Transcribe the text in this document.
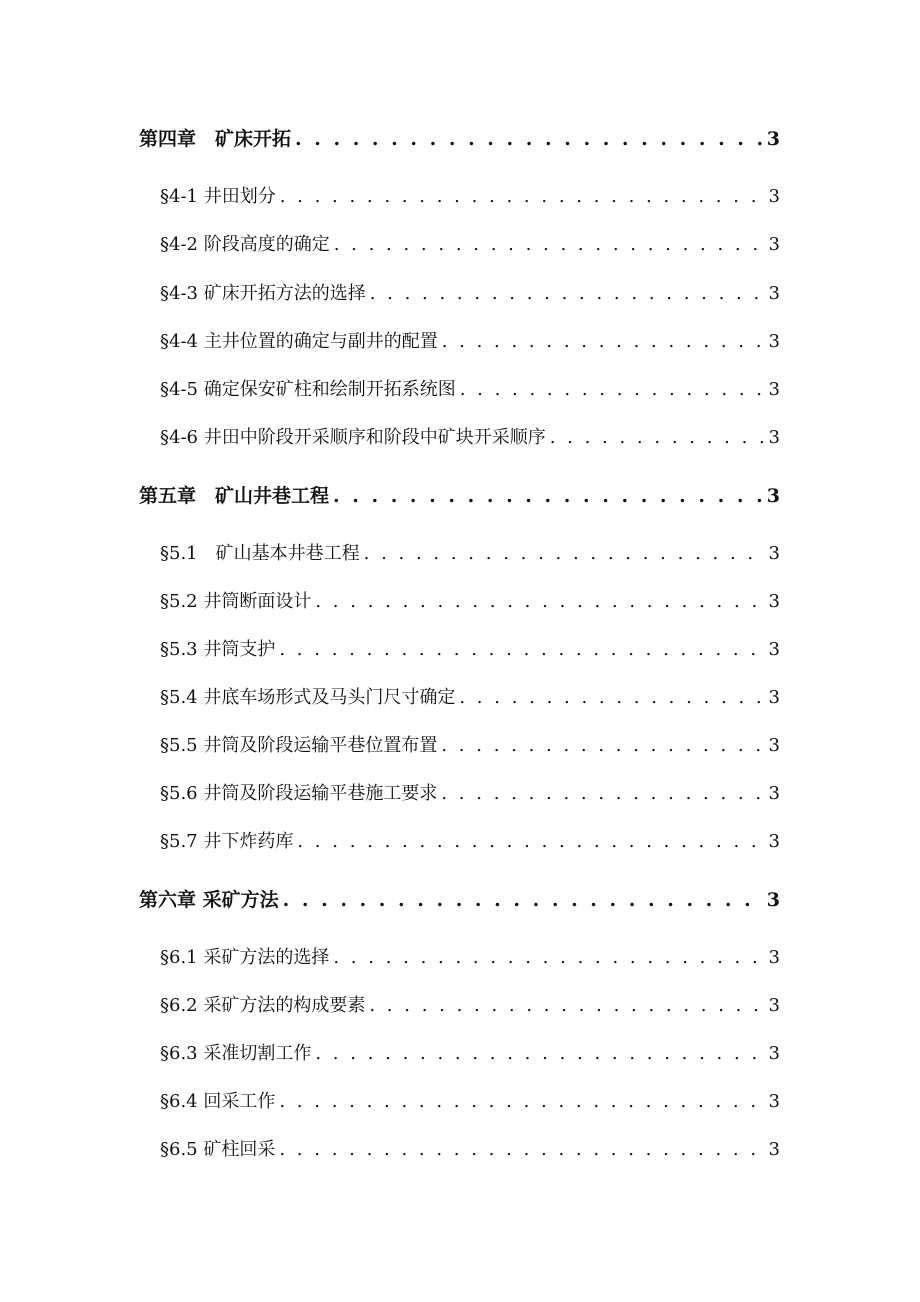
第四章　矿床开拓 . . .	3
§4-1 井田划分 . . .	3
§4-2 阶段高度的确定 . . .	3
§4-3 矿床开拓方法的选择 . . .	3
§4-4 主井位置的确定与副井的配置 . . .	3
§4-5 确定保安矿柱和绘制开拓系统图 . . .	3
§4-6 井田中阶段开采顺序和阶段中矿块开采顺序 . . .	3
第五章　矿山井巷工程 . . .	3
§5.1　矿山基本井巷工程 . . .	3
§5.2 井筒断面设计 . . .	3
§5.3 井筒支护 . . .	3
§5.4 井底车场形式及马头门尺寸确定 . . .	3
§5.5 井筒及阶段运输平巷位置布置 . . .	3
§5.6 井筒及阶段运输平巷施工要求 . . .	3
§5.7 井下炸药库 . . .	3
第六章 采矿方法 . . .	3
§6.1 采矿方法的选择 . . .	3
§6.2 采矿方法的构成要素 . . .	3
§6.3 采准切割工作 . . .	3
§6.4 回采工作 . . .	3
§6.5 矿柱回采 . . .	3
